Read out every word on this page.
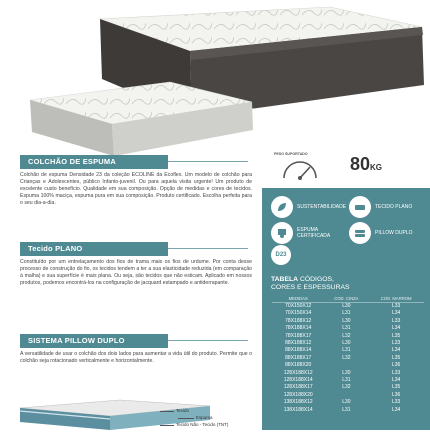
PESO SUPORTADO 80KG
SUSTENTABILIDADE	TECIDO PLANO
ESPUMA CERTIFICADA	PILLOW DUPLO
D23
TABELA CÓDIGOS,
CORES E ESPESSURAS
MEDIDAS	COD. CINZA	COD. MARROM
70X150X12	L30	L33
70X150X14	L31	L34
78X188X12	L30	L33
78X188X14	L31	L34
78X188X17	L32	L35
88X188X12	L30	L33
88X188X14	L31	L34
88X188X17	L32	L35
88X188X20		L36
128X188X12	L30	L33
128X188X14	L31	L34
128X188X17	L32	L35
128X188X20		L36
138X188X12	L30	L33
138X188X14	L31	L34
COLCHÃO DE ESPUMA
Colchão de espuma Densidade 23 da coleção ECOLINE da Ecoflex. Um modelo de colchão para Crianças e Adolescentes, público Infanto-juvenil. Ou para aquela visita urgente! Um produto de excelente custo benefício. Qualidade em sua composição. Opção de medidas e cores de tecidos. Espuma 100% maciça, espuma pura em sua composição. Produto certificado. Escolha perfeita para o seu dia-a-dia.
Tecido PLANO
Constituído por um entrelaçamento dos fios de trama mais os fios de urdume. Por conta desse processo de construção do fio, os tecidos tendem a ter a sua elasticidade reduzida (em comparação à malha) e sua superfície é mais plana. Ou seja, são tecidos que não esticam. Aplicado em nossos produtos, podemos encontrá-los na configuração de jacquard estampado e antiderrapante.
SISTEMA PILLOW DUPLO
A versatilidade de usar o colchão dos dois lados para aumentar a vida útil do produto. Permite que o colchão seja rotacionado verticalmente e horizontalmente.
Tecido
Espuma
Tecido Não - Tecido (TNT)
